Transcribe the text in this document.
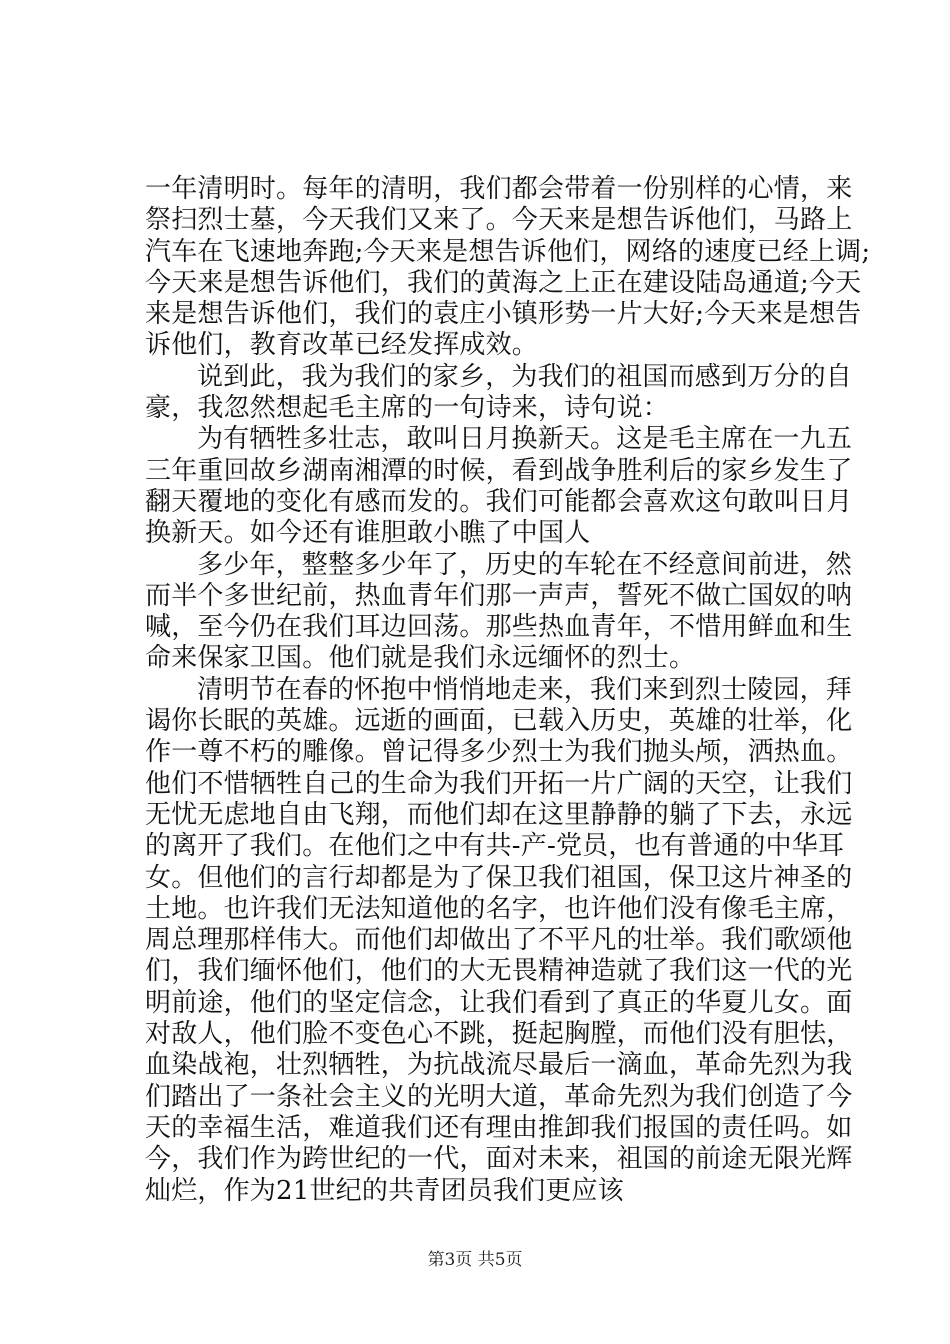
一年清明时。每年的清明，我们都会带着一份别样的心情，来
祭扫烈士墓，今天我们又来了。今天来是想告诉他们，马路上
汽车在飞速地奔跑;今天来是想告诉他们，网络的速度已经上调;
今天来是想告诉他们，我们的黄海之上正在建设陆岛通道;今天
来是想告诉他们，我们的袁庄小镇形势一片大好;今天来是想告
诉他们，教育改革已经发挥成效。
说到此，我为我们的家乡，为我们的祖国而感到万分的自
豪，我忽然想起毛主席的一句诗来，诗句说：
为有牺牲多壮志，敢叫日月换新天。这是毛主席在一九五
三年重回故乡湖南湘潭的时候，看到战争胜利后的家乡发生了
翻天覆地的变化有感而发的。我们可能都会喜欢这句敢叫日月
换新天。如今还有谁胆敢小瞧了中国人
多少年，整整多少年了，历史的车轮在不经意间前进，然
而半个多世纪前，热血青年们那一声声，誓死不做亡国奴的呐
喊，至今仍在我们耳边回荡。那些热血青年，不惜用鲜血和生
命来保家卫国。他们就是我们永远缅怀的烈士。
清明节在春的怀抱中悄悄地走来，我们来到烈士陵园，拜
谒你长眠的英雄。远逝的画面，已载入历史，英雄的壮举，化
作一尊不朽的雕像。曾记得多少烈士为我们抛头颅，洒热血。
他们不惜牺牲自己的生命为我们开拓一片广阔的天空，让我们
无忧无虑地自由飞翔，而他们却在这里静静的躺了下去，永远
的离开了我们。在他们之中有共-产-党员，也有普通的中华耳
女。但他们的言行却都是为了保卫我们祖国，保卫这片神圣的
土地。也许我们无法知道他的名字，也许他们没有像毛主席，
周总理那样伟大。而他们却做出了不平凡的壮举。我们歌颂他
们，我们缅怀他们，他们的大无畏精神造就了我们这一代的光
明前途，他们的坚定信念，让我们看到了真正的华夏儿女。面
对敌人，他们脸不变色心不跳，挺起胸膛，而他们没有胆怯，
血染战袍，壮烈牺牲，为抗战流尽最后一滴血，革命先烈为我
们踏出了一条社会主义的光明大道，革命先烈为我们创造了今
天的幸福生活，难道我们还有理由推卸我们报国的责任吗。如
今，我们作为跨世纪的一代，面对未来，祖国的前途无限光辉
灿烂，作为21世纪的共青团员我们更应该
第3页 共5页
